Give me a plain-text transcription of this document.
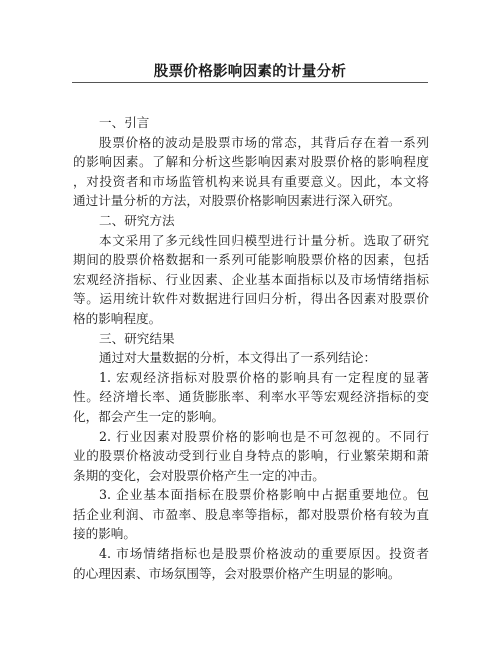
股票价格影响因素的计量分析
一、引言
股票价格的波动是股票市场的常态，其背后存在着一系列
的影响因素。了解和分析这些影响因素对股票价格的影响程度
，对投资者和市场监管机构来说具有重要意义。因此，本文将
通过计量分析的方法，对股票价格影响因素进行深入研究。
二、研究方法
本文采用了多元线性回归模型进行计量分析。选取了研究
期间的股票价格数据和一系列可能影响股票价格的因素，包括
宏观经济指标、行业因素、企业基本面指标以及市场情绪指标
等。运用统计软件对数据进行回归分析，得出各因素对股票价
格的影响程度。
三、研究结果
通过对大量数据的分析，本文得出了一系列结论：
1. 宏观经济指标对股票价格的影响具有一定程度的显著
性。经济增长率、通货膨胀率、利率水平等宏观经济指标的变
化，都会产生一定的影响。
2. 行业因素对股票价格的影响也是不可忽视的。不同行
业的股票价格波动受到行业自身特点的影响，行业繁荣期和萧
条期的变化，会对股票价格产生一定的冲击。
3. 企业基本面指标在股票价格影响中占据重要地位。包
括企业利润、市盈率、股息率等指标，都对股票价格有较为直
接的影响。
4. 市场情绪指标也是股票价格波动的重要原因。投资者
的心理因素、市场氛围等，会对股票价格产生明显的影响。
